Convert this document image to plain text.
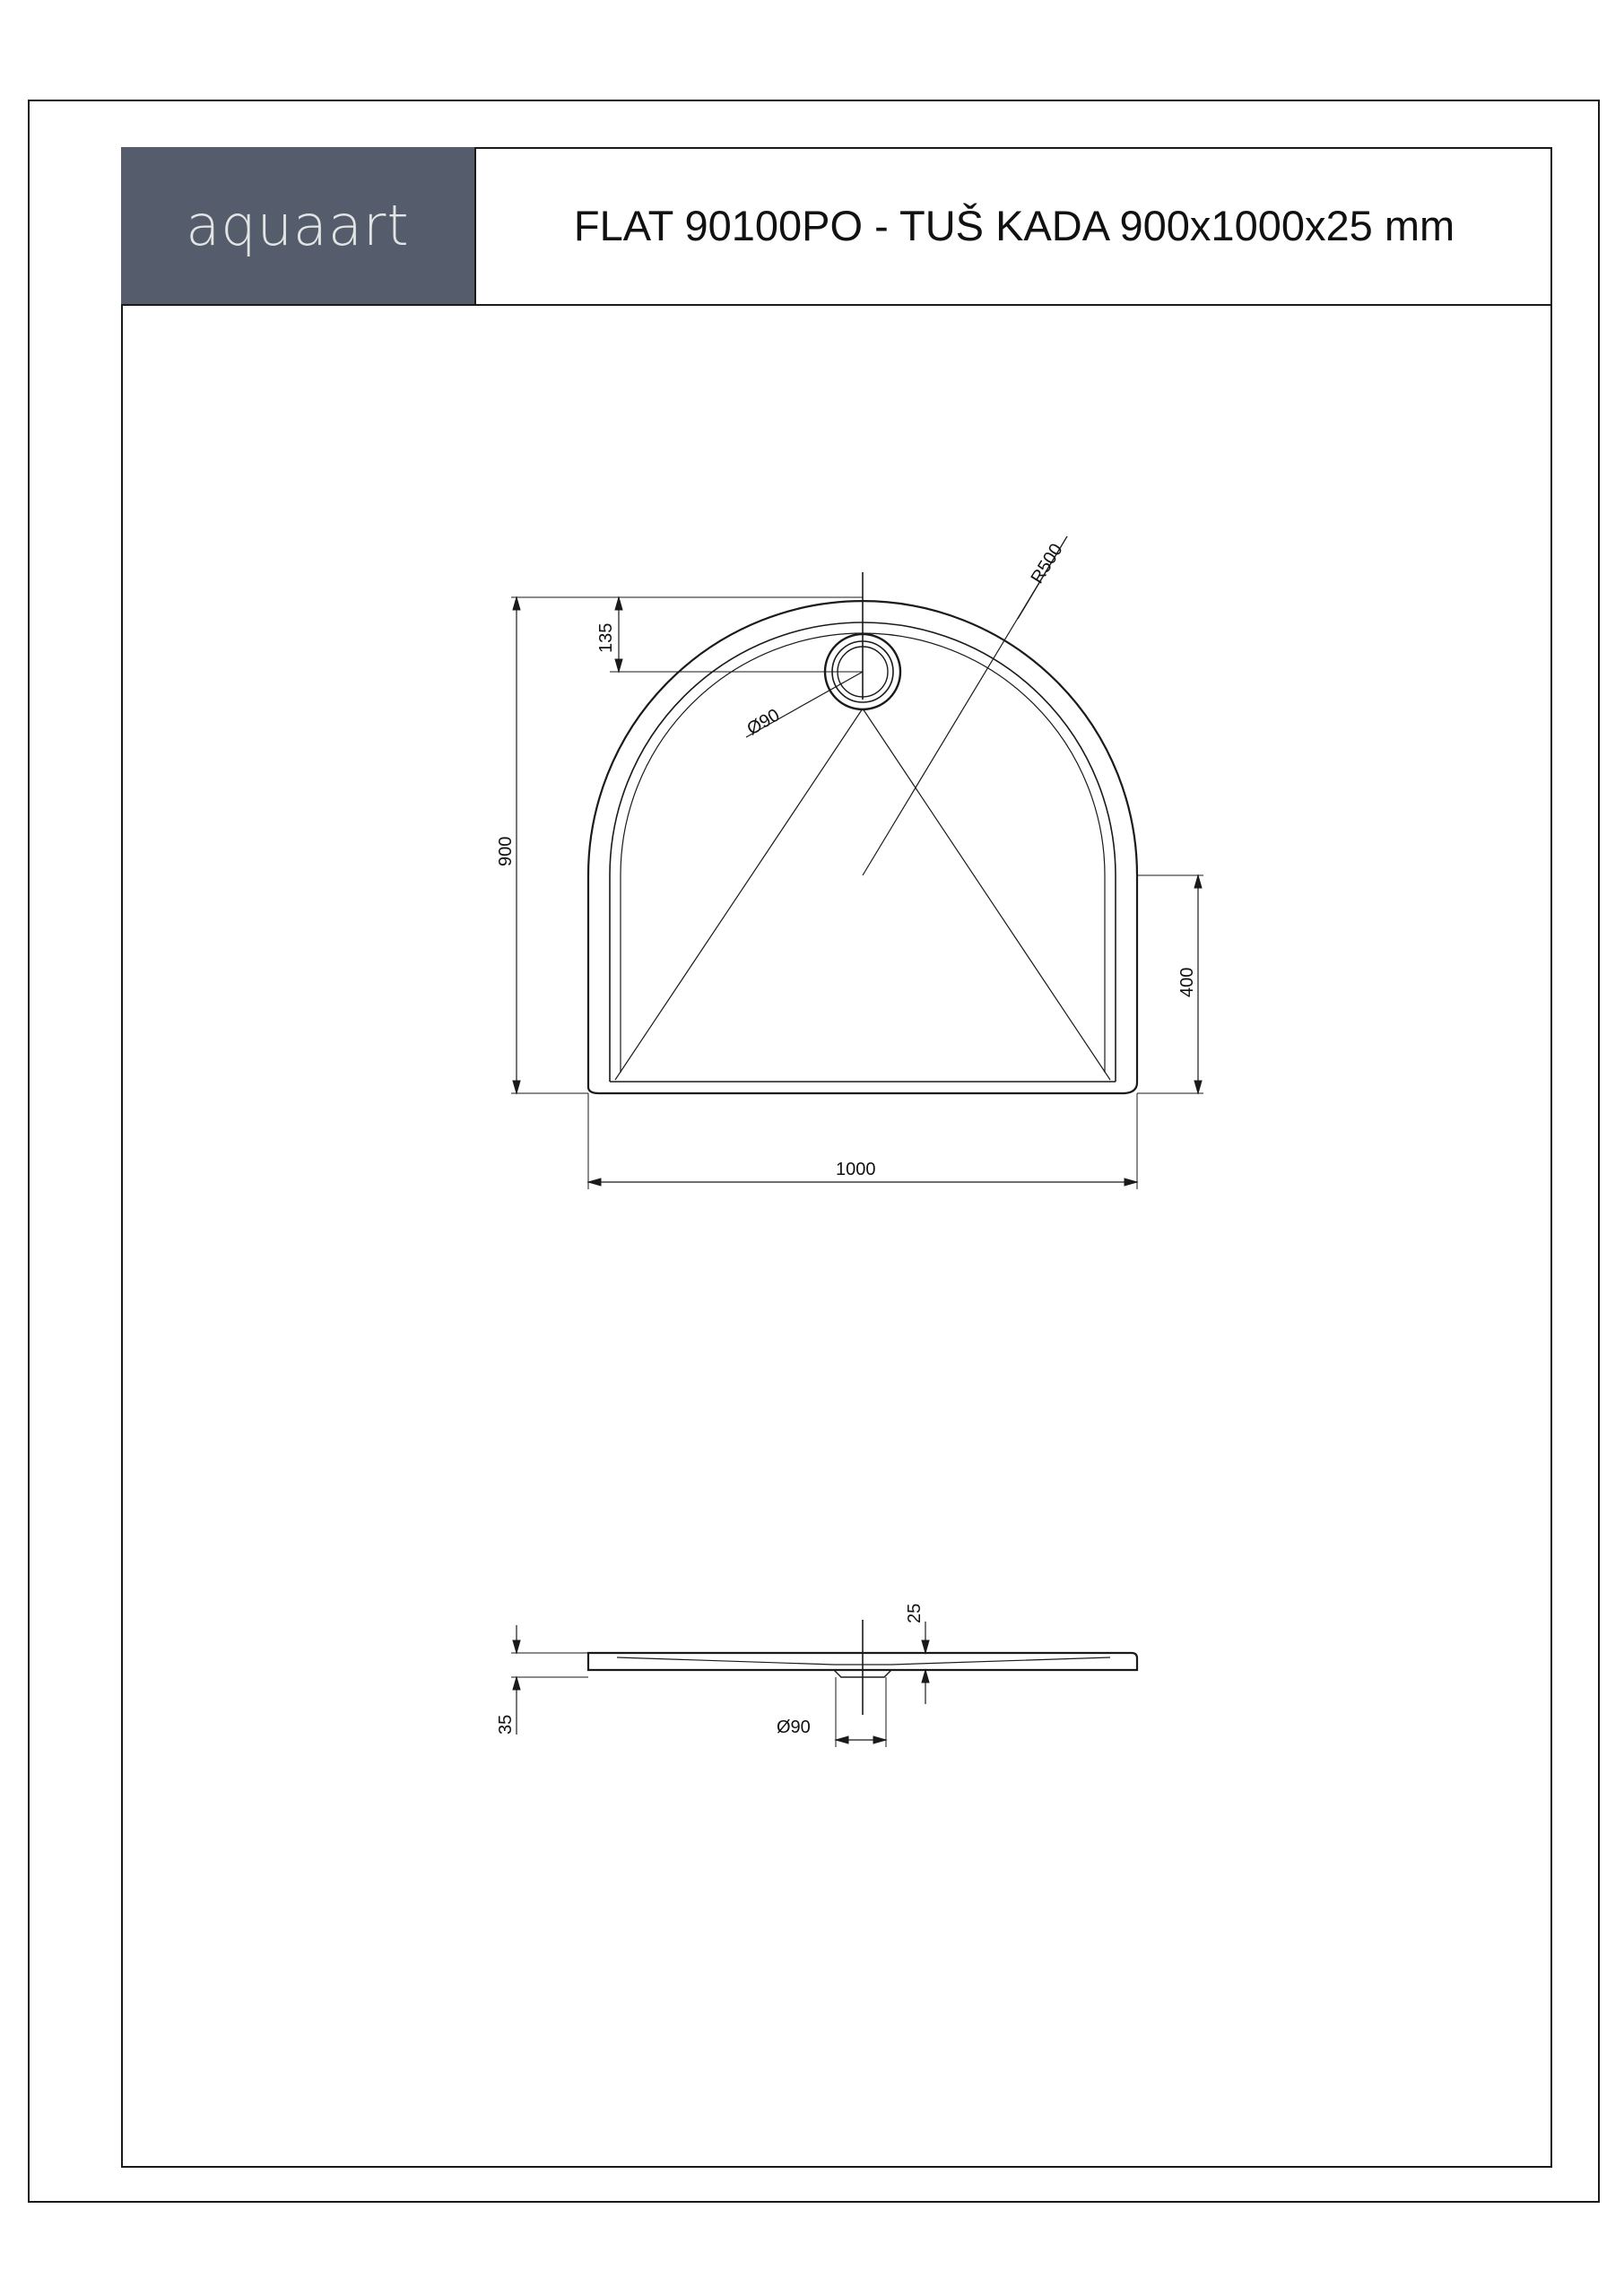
aquaart	FLAT 90100PO - TUŠ KADA 900x1000x25 mm
R500
135
Ø90
900
400
1000
25
35	Ø90
